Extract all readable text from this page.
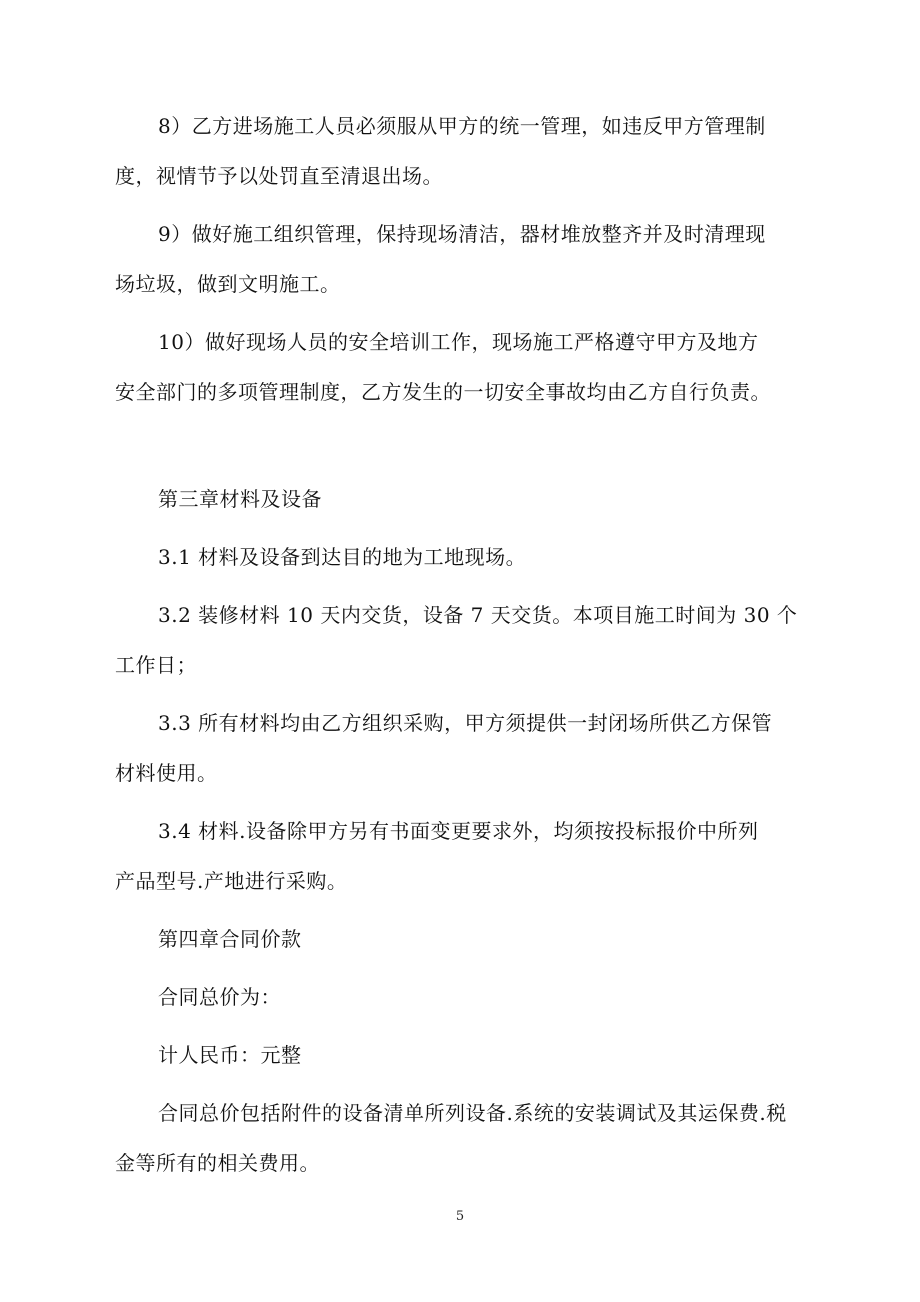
8）乙方进场施工人员必须服从甲方的统一管理，如违反甲方管理制
度，视情节予以处罚直至清退出场。
9）做好施工组织管理，保持现场清洁，器材堆放整齐并及时清理现
场垃圾，做到文明施工。
10）做好现场人员的安全培训工作，现场施工严格遵守甲方及地方
安全部门的多项管理制度，乙方发生的一切安全事故均由乙方自行负责。
第三章材料及设备
3.1 材料及设备到达目的地为工地现场。
3.2 装修材料 10 天内交货，设备 7 天交货。本项目施工时间为 30 个
工作日；
3.3 所有材料均由乙方组织采购，甲方须提供一封闭场所供乙方保管
材料使用。
3.4 材料.设备除甲方另有书面变更要求外，均须按投标报价中所列
产品型号.产地进行采购。
第四章合同价款
合同总价为：
计人民币：元整
合同总价包括附件的设备清单所列设备.系统的安装调试及其运保费.税
金等所有的相关费用。
5
